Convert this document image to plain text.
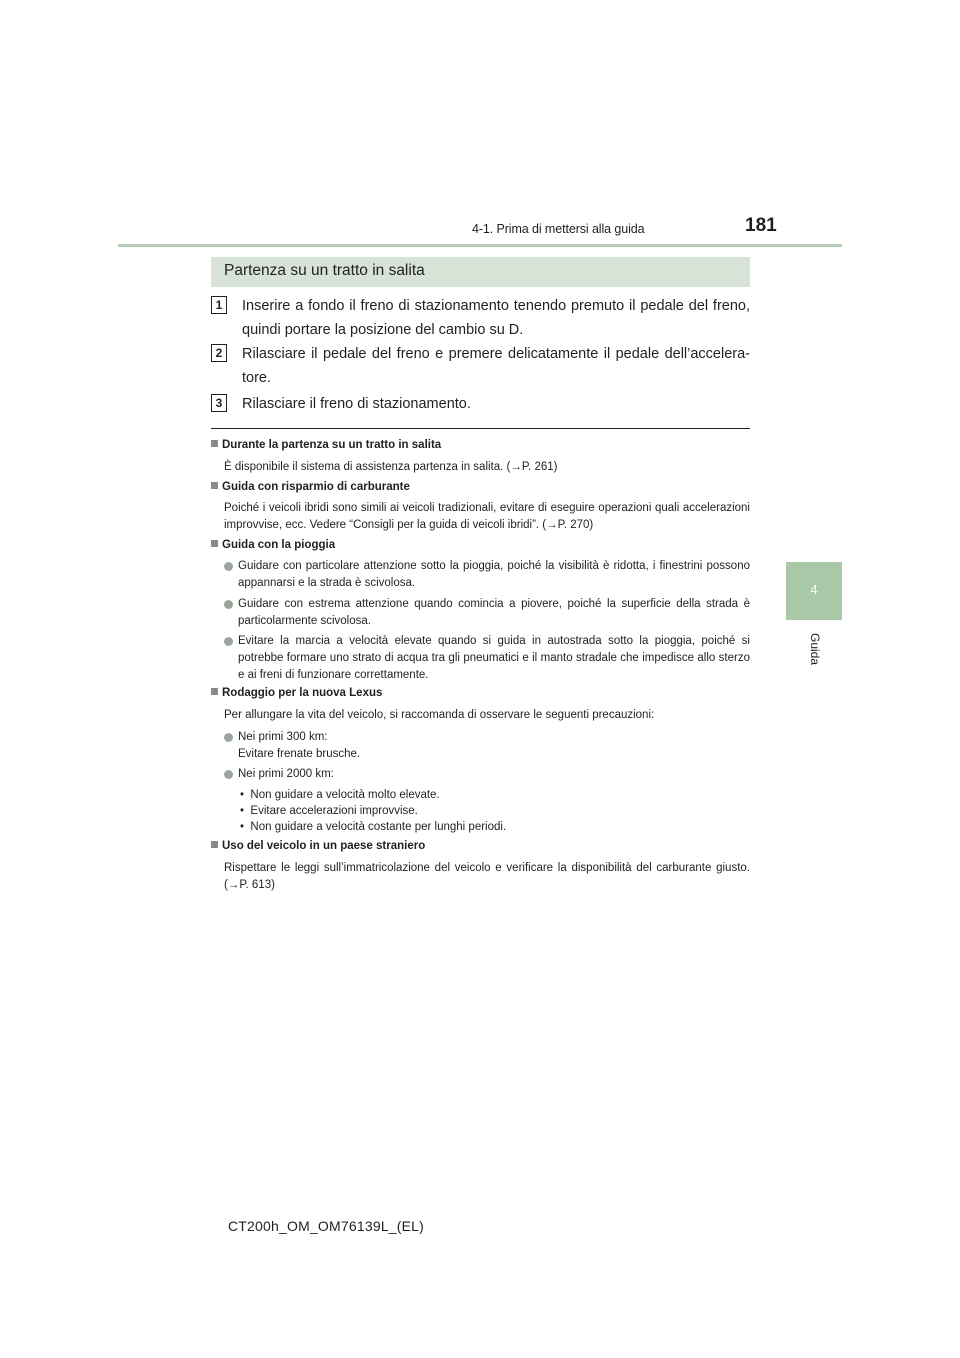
4-1. Prima di mettersi alla guida	181
4
Guida
Partenza su un tratto in salita
1	Inserire a fondo il freno di stazionamento tenendo premuto il pedale del freno, quindi portare la posizione del cambio su D.
2	Rilasciare il pedale del freno e premere delicatamente il pedale dell’accelera-tore.
3	Rilasciare il freno di stazionamento.
Durante la partenza su un tratto in salita
È disponibile il sistema di assistenza partenza in salita. (→P. 261)
Guida con risparmio di carburante
Poiché i veicoli ibridi sono simili ai veicoli tradizionali, evitare di eseguire operazioni quali accelerazioni improvvise, ecc. Vedere “Consigli per la guida di veicoli ibridi”. (→P. 270)
Guida con la pioggia
Guidare con particolare attenzione sotto la pioggia, poiché la visibilità è ridotta, i finestrini possono appannarsi e la strada è scivolosa.
Guidare con estrema attenzione quando comincia a piovere, poiché la superficie della strada è particolarmente scivolosa.
Evitare la marcia a velocità elevate quando si guida in autostrada sotto la pioggia, poiché si potrebbe formare uno strato di acqua tra gli pneumatici e il manto stradale che impedisce allo sterzo e ai freni di funzionare correttamente.
Rodaggio per la nuova Lexus
Per allungare la vita del veicolo, si raccomanda di osservare le seguenti precauzioni:
Nei primi 300 km:
Evitare frenate brusche.
Nei primi 2000 km:
• Non guidare a velocità molto elevate.
• Evitare accelerazioni improvvise.
• Non guidare a velocità costante per lunghi periodi.
Uso del veicolo in un paese straniero
Rispettare le leggi sull’immatricolazione del veicolo e verificare la disponibilità del carburante giusto. (→P. 613)
CT200h_OM_OM76139L_(EL)
